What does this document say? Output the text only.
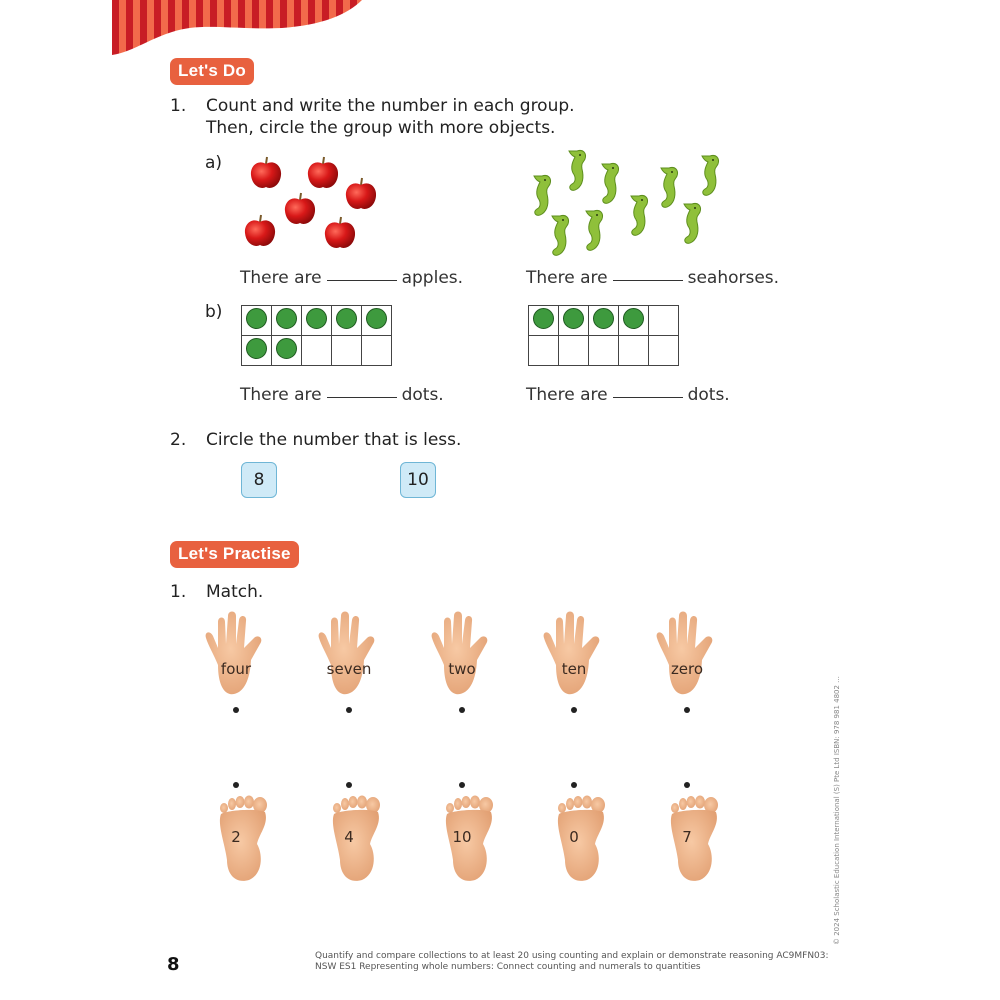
Let's Do
1. Count and write the number in each group.
Then, circle the group with more objects.
a)
There are	apples.	There are	seahorses.
b)

There are	dots.	There are	dots.
2. Circle the number that is less.
8	10
Let's Practise
1. Match.
four	seven	two	ten	zero
2	4	10	0	7	© 2024 Scholastic Education International (S) Pte Ltd ISBN: 978 981 4802 ...
8	Quantify and compare collections to at least 20 using counting and explain or demonstrate reasoning AC9MFN03:
NSW ES1 Representing whole numbers: Connect counting and numerals to quantities
